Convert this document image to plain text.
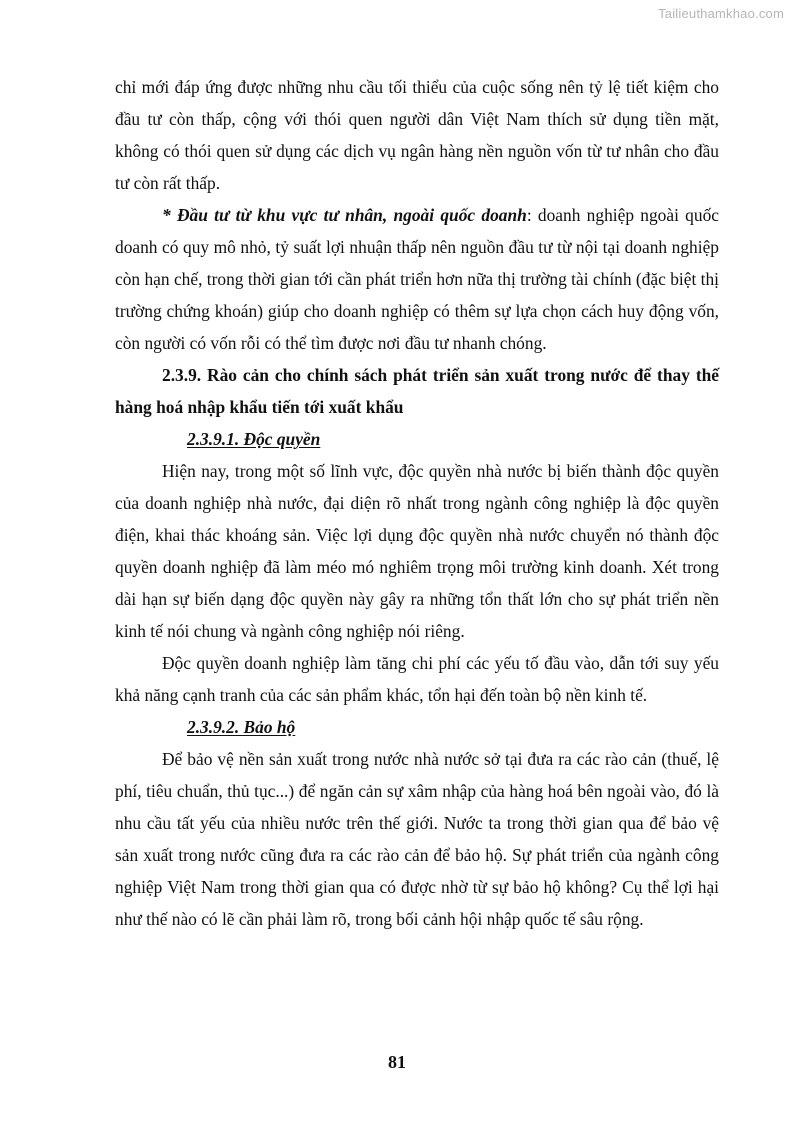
Tailieuthamkhao.com

chỉ mới đáp ứng được những nhu cầu tối thiểu của cuộc sống nên tỷ lệ tiết kiệm cho đầu tư còn thấp, cộng với thói quen người dân Việt Nam thích sử dụng tiền mặt, không có thói quen sử dụng các dịch vụ ngân hàng nền nguồn vốn từ tư nhân cho đầu tư còn rất thấp.

* Đầu tư từ khu vực tư nhân, ngoài quốc doanh: doanh nghiệp ngoài quốc doanh có quy mô nhỏ, tỷ suất lợi nhuận thấp nên nguồn đầu tư từ nội tại doanh nghiệp còn hạn chế, trong thời gian tới cần phát triển hơn nữa thị trường tài chính (đặc biệt thị trường chứng khoán) giúp cho doanh nghiệp có thêm sự lựa chọn cách huy động vốn, còn người có vốn rỗi có thể tìm được nơi đầu tư nhanh chóng.

2.3.9. Rào cản cho chính sách phát triển sản xuất trong nước để thay thế hàng hoá nhập khẩu tiến tới xuất khẩu

2.3.9.1. Độc quyền

Hiện nay, trong một số lĩnh vực, độc quyền nhà nước bị biến thành độc quyền của doanh nghiệp nhà nước, đại diện rõ nhất trong ngành công nghiệp là độc quyền điện, khai thác khoáng sản. Việc lợi dụng độc quyền nhà nước chuyển nó thành độc quyền doanh nghiệp đã làm méo mó nghiêm trọng môi trường kinh doanh. Xét trong dài hạn sự biến dạng độc quyền này gây ra những tổn thất lớn cho sự phát triển nền kinh tế nói chung và ngành công nghiệp nói riêng.

Độc quyền doanh nghiệp làm tăng chi phí các yếu tố đầu vào, dẫn tới suy yếu khả năng cạnh tranh của các sản phẩm khác, tổn hại đến toàn bộ nền kinh tế.

2.3.9.2. Bảo hộ

Để bảo vệ nền sản xuất trong nước nhà nước sở tại đưa ra các rào cản (thuế, lệ phí, tiêu chuẩn, thủ tục...) để ngăn cản sự xâm nhập của hàng hoá bên ngoài vào, đó là nhu cầu tất yếu của nhiều nước trên thế giới. Nước ta trong thời gian qua để bảo vệ sản xuất trong nước cũng đưa ra các rào cản để bảo hộ. Sự phát triển của ngành công nghiệp Việt Nam trong thời gian qua có được nhờ từ sự bảo hộ không? Cụ thể lợi hại như thế nào có lẽ cần phải làm rõ, trong bối cảnh hội nhập quốc tế sâu rộng.

81
